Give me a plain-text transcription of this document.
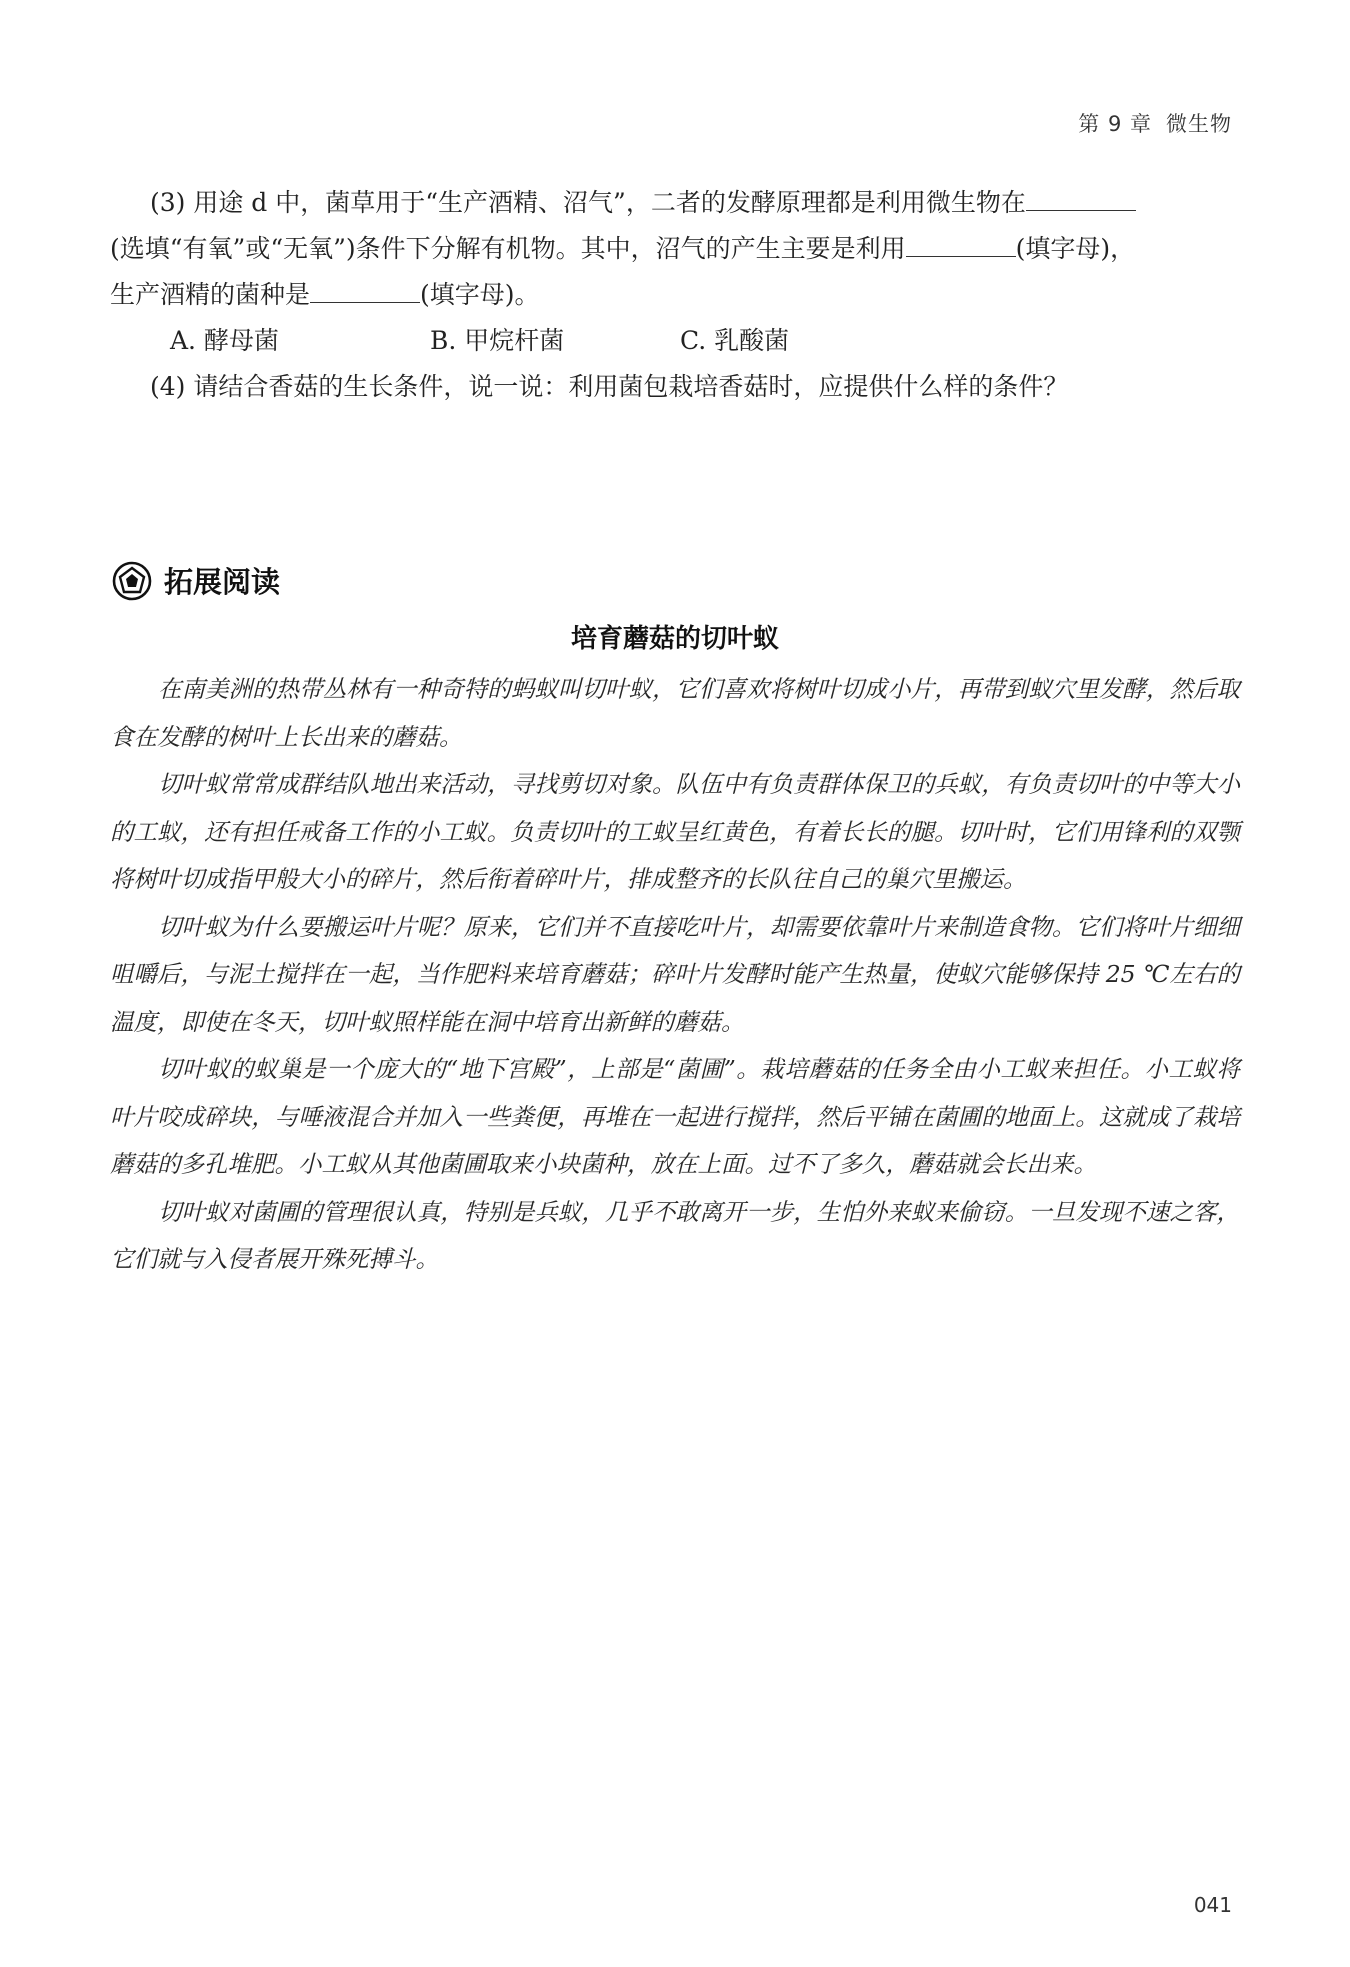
第 9 章 微生物

(3) 用途 d 中，菌草用于“生产酒精、沼气”，二者的发酵原理都是利用微生物在

(选填“有氧”或“无氧”)条件下分解有机物。其中，沼气的产生主要是利用	(填字母)，

生产酒精的菌种是	(填字母)。

A. 酵母菌	B. 甲烷杆菌	C. 乳酸菌

(4) 请结合香菇的生长条件，说一说：利用菌包栽培香菇时，应提供什么样的条件？

拓展阅读
培育蘑菇的切叶蚁

在南美洲的热带丛林有一种奇特的蚂蚁叫切叶蚁，它们喜欢将树叶切成小片，再带到蚁穴里发酵，然后取食在发酵的树叶上长出来的蘑菇。

切叶蚁常常成群结队地出来活动，寻找剪切对象。队伍中有负责群体保卫的兵蚁，有负责切叶的中等大小的工蚁，还有担任戒备工作的小工蚁。负责切叶的工蚁呈红黄色，有着长长的腿。切叶时，它们用锋利的双颚将树叶切成指甲般大小的碎片，然后衔着碎叶片，排成整齐的长队往自己的巢穴里搬运。

切叶蚁为什么要搬运叶片呢？原来，它们并不直接吃叶片，却需要依靠叶片来制造食物。它们将叶片细细咀嚼后，与泥土搅拌在一起，当作肥料来培育蘑菇；碎叶片发酵时能产生热量，使蚁穴能够保持 25 ℃左右的温度，即使在冬天，切叶蚁照样能在洞中培育出新鲜的蘑菇。

切叶蚁的蚁巢是一个庞大的“地下宫殿”，上部是“菌圃”。栽培蘑菇的任务全由小工蚁来担任。小工蚁将叶片咬成碎块，与唾液混合并加入一些粪便，再堆在一起进行搅拌，然后平铺在菌圃的地面上。这就成了栽培蘑菇的多孔堆肥。小工蚁从其他菌圃取来小块菌种，放在上面。过不了多久，蘑菇就会长出来。

切叶蚁对菌圃的管理很认真，特别是兵蚁，几乎不敢离开一步，生怕外来蚁来偷窃。一旦发现不速之客，它们就与入侵者展开殊死搏斗。

041
